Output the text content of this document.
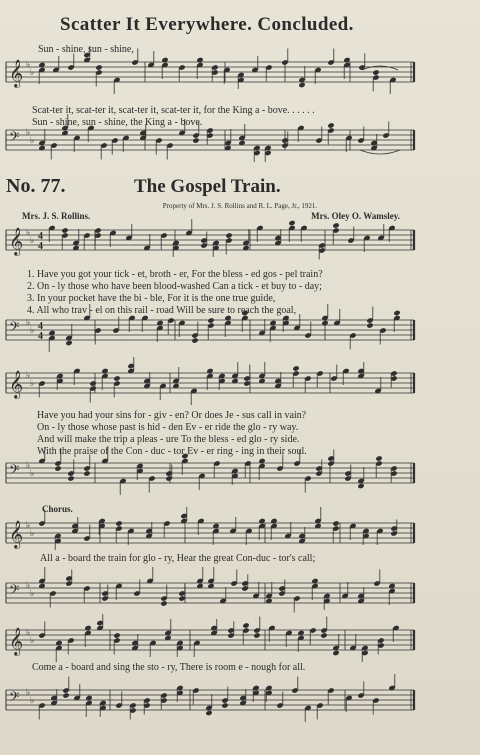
𝄞 ♭
♭
𝄢 ♭
♭
𝄞 ♭
♭ 4
4
𝄢 ♭
♭ 4
4
𝄞 ♭
♭
𝄢 ♭
♭
𝄞 ♭
♭
𝄢 ♭
♭
𝄞 ♭
♭
𝄢 ♭
♭
Scatter It Everywhere. Concluded.
Sun - shine, sun - shine,
Scat-ter it, scat-ter it, scat-ter it, scat-ter it, for the King a - bove. . . . . .
Sun - shine, sun - shine, the King a - bove.
No. 77.	The Gospel Train.
Property of Mrs. J. S. Rollins and R. L. Page, Jr., 1921.
Mrs. J. S. Rollins.	Mrs. Oley O. Wamsley.
1. Have you got your tick - et, broth - er, For the bless - ed gos - pel train?
2. On - ly those who have been blood-washed Can a tick - et buy to - day;
3. In your pocket have the bi - ble, For it is the one true guide,
4. All who trav - el on this rail - road Will be sure to reach the goal,
Have you had your sins for - giv - en? Or does Je - sus call in vain?
On - ly those whose past is hid - den Ev - er ride the glo - ry way.
And will make the trip a pleas - ure To the bless - ed glo - ry side.
With the praise of the Con - duc - tor Ev - er ring - ing in their soul.
Chorus.
All a - board the train for glo - ry, Hear the great Con-duc - tor's call;
Come a - board and sing the sto - ry, There is room e - nough for all.
